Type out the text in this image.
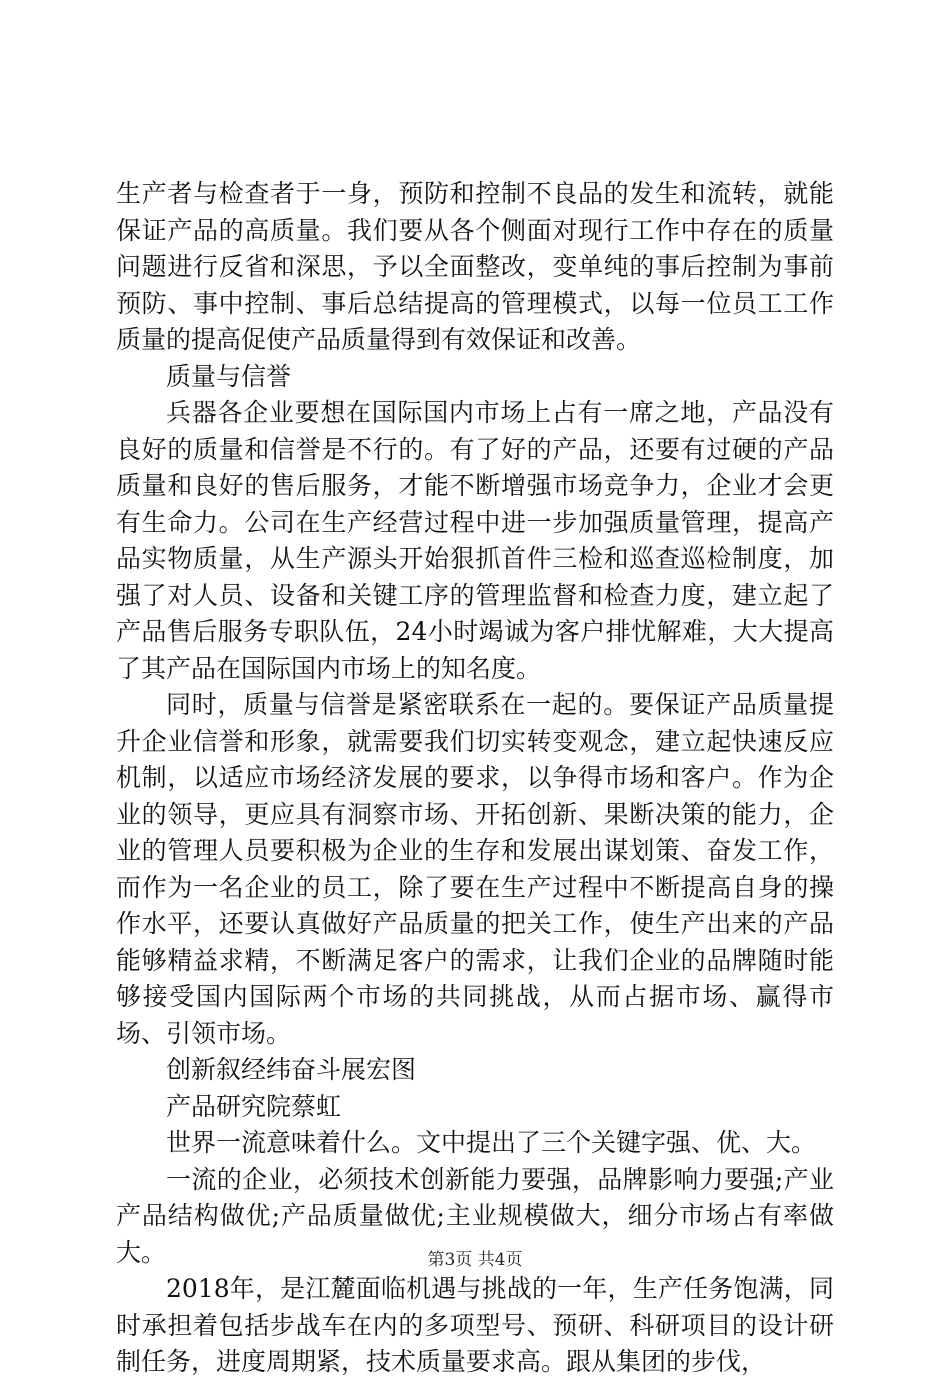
生产者与检查者于一身，预防和控制不良品的发生和流转，就能保证产品的高质量。我们要从各个侧面对现行工作中存在的质量问题进行反省和深思，予以全面整改，变单纯的事后控制为事前预防、事中控制、事后总结提高的管理模式，以每一位员工工作质量的提高促使产品质量得到有效保证和改善。

质量与信誉

兵器各企业要想在国际国内市场上占有一席之地，产品没有良好的质量和信誉是不行的。有了好的产品，还要有过硬的产品质量和良好的售后服务，才能不断增强市场竞争力，企业才会更有生命力。公司在生产经营过程中进一步加强质量管理，提高产品实物质量，从生产源头开始狠抓首件三检和巡查巡检制度，加强了对人员、设备和关键工序的管理监督和检查力度，建立起了产品售后服务专职队伍，24小时竭诚为客户排忧解难，大大提高了其产品在国际国内市场上的知名度。

同时，质量与信誉是紧密联系在一起的。要保证产品质量提升企业信誉和形象，就需要我们切实转变观念，建立起快速反应机制，以适应市场经济发展的要求，以争得市场和客户。作为企业的领导，更应具有洞察市场、开拓创新、果断决策的能力，企业的管理人员要积极为企业的生存和发展出谋划策、奋发工作，而作为一名企业的员工，除了要在生产过程中不断提高自身的操作水平，还要认真做好产品质量的把关工作，使生产出来的产品能够精益求精，不断满足客户的需求，让我们企业的品牌随时能够接受国内国际两个市场的共同挑战，从而占据市场、赢得市场、引领市场。

创新叙经纬奋斗展宏图

产品研究院蔡虹

世界一流意味着什么。文中提出了三个关键字强、优、大。

一流的企业，必须技术创新能力要强，品牌影响力要强;产业产品结构做优;产品质量做优;主业规模做大，细分市场占有率做大。

2018年，是江麓面临机遇与挑战的一年，生产任务饱满，同时承担着包括步战车在内的多项型号、预研、科研项目的设计研制任务，进度周期紧，技术质量要求高。跟从集团的步伐，

第3页 共4页
